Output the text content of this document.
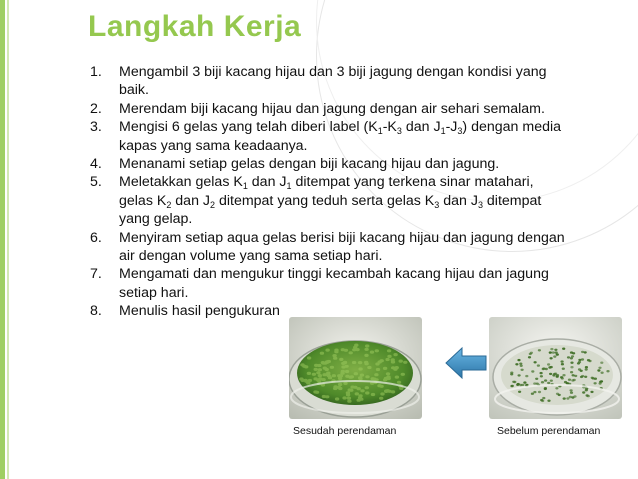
Langkah Kerja
1. Mengambil 3 biji kacang hijau dan 3 biji jagung dengan kondisi yang baik.
2. Merendam biji kacang hijau dan jagung dengan air sehari semalam.
3. Mengisi 6 gelas yang telah diberi label ($K_1-K_3$ dan $J_1-J_3$) dengan media kapas yang sama keadaanya.
4. Menanami setiap gelas dengan biji kacang hijau dan jagung.
5. Meletakkan gelas $K_1$ dan $J_1$ ditempat yang terkena sinar matahari, gelas $K_2$ dan $J_2$ ditempat yang teduh serta gelas $K_3$ dan $J_3$ ditempat yang gelap.
6. Menyiram setiap aqua gelas berisi biji kacang hijau dan jagung dengan air dengan volume yang sama setiap hari.
7. Mengamati dan mengukur tinggi kecambah kacang hijau dan jagung setiap hari.
8. Menulis hasil pengukuran
Sesudah perendaman	Sebelum perendaman
